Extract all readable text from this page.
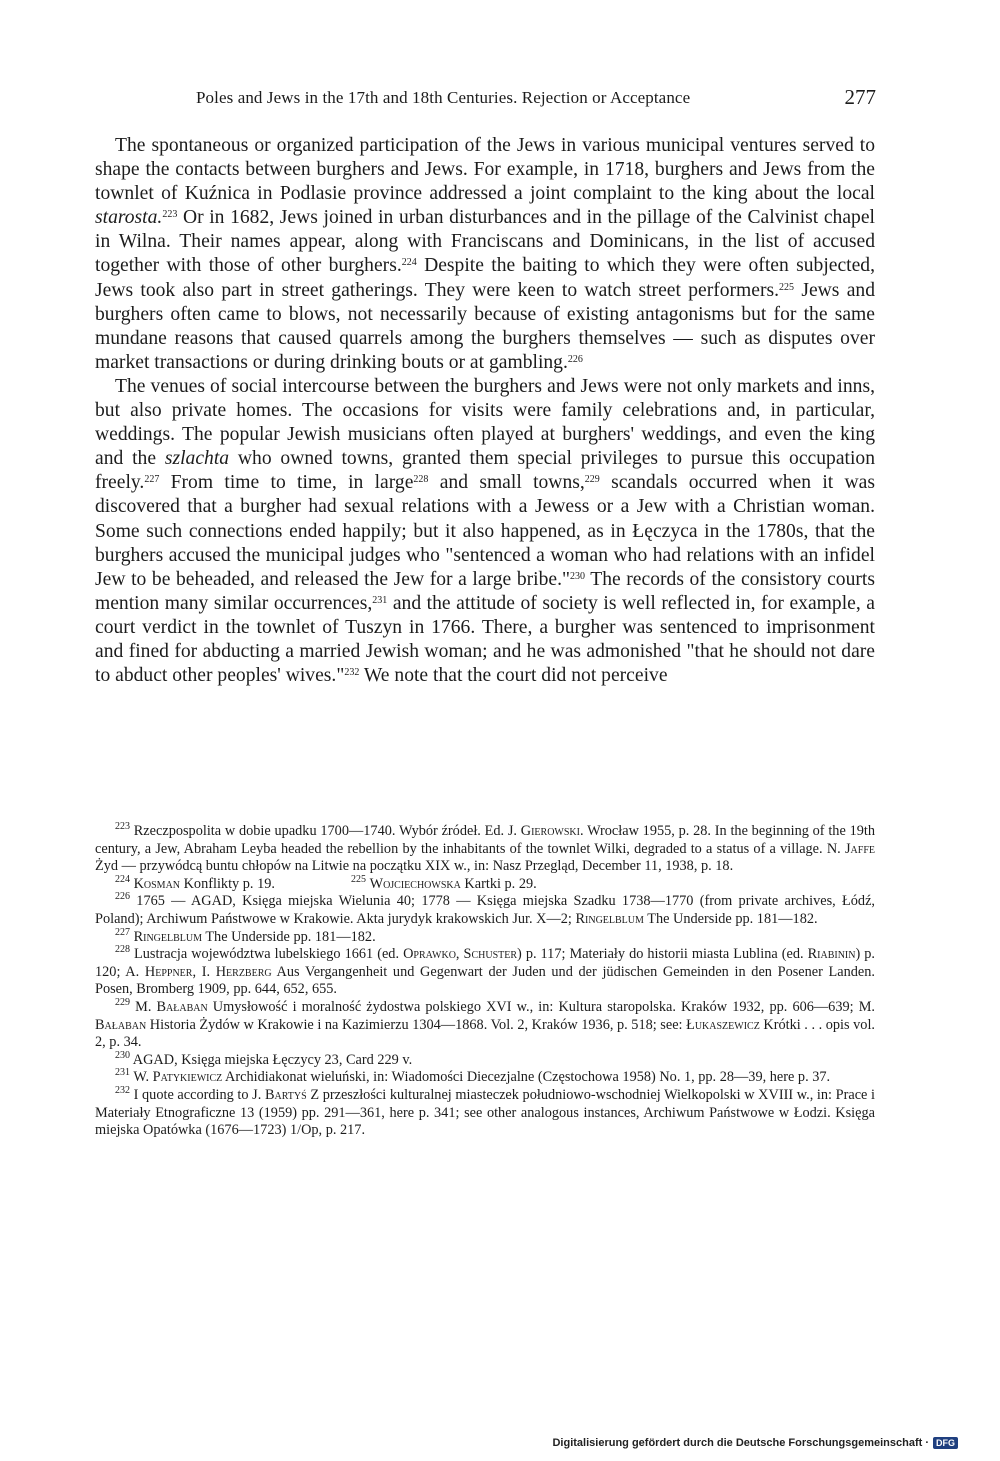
Poles and Jews in the 17th and 18th Centuries. Rejection or Acceptance	277

The spontaneous or organized participation of the Jews in various municipal ventures served to shape the contacts between burghers and Jews. For example, in 1718, burghers and Jews from the townlet of Kuźnica in Podlasie province addressed a joint complaint to the king about the local starosta.$^{223}$ Or in 1682, Jews joined in urban disturbances and in the pillage of the Calvinist chapel in Wilna. Their names appear, along with Franciscans and Dominicans, in the list of accused together with those of other burghers.$^{224}$ Despite the baiting to which they were often subjected, Jews took also part in street gatherings. They were keen to watch street performers.$^{225}$ Jews and burghers often came to blows, not necessarily because of existing antagonisms but for the same mundane reasons that caused quarrels among the burghers themselves — such as disputes over market transactions or during drinking bouts or at gambling.$^{226}$

The venues of social intercourse between the burghers and Jews were not only markets and inns, but also private homes. The occasions for visits were family celebrations and, in particular, weddings. The popular Jewish musicians often played at burghers' weddings, and even the king and the szlachta who owned towns, granted them special privileges to pursue this occupation freely.$^{227}$ From time to time, in large$^{228}$ and small towns,$^{229}$ scandals occurred when it was discovered that a burgher had sexual relations with a Jewess or a Jew with a Christian woman. Some such connections ended happily; but it also happened, as in Łęczyca in the 1780s, that the burghers accused the municipal judges who "sentenced a woman who had relations with an infidel Jew to be beheaded, and released the Jew for a large bribe."$^{230}$ The records of the consistory courts mention many similar occurrences,$^{231}$ and the attitude of society is well reflected in, for example, a court verdict in the townlet of Tuszyn in 1766. There, a burgher was sentenced to imprisonment and fined for abducting a married Jewish woman; and he was admonished "that he should not dare to abduct other peoples' wives."$^{232}$ We note that the court did not perceive

$^{223}$ Rzeczpospolita w dobie upadku 1700—1740. Wybór źródeł. Ed. J. Gierowski. Wrocław 1955, p. 28. In the beginning of the 19th century, a Jew, Abraham Leyba headed the rebellion by the inhabitants of the townlet Wilki, degraded to a status of a village. N. Jaffe Żyd — przywódcą buntu chłopów na Litwie na początku XIX w., in: Nasz Przegląd, December 11, 1938, p. 18.

$^{224}$ Kosman Konflikty p. 19.	$^{225}$ Wojciechowska Kartki p. 29.

$^{226}$ 1765 — AGAD, Księga miejska Wielunia 40; 1778 — Księga miejska Szadku 1738—1770 (from private archives, Łódź, Poland); Archiwum Państwowe w Krakowie. Akta jurydyk krakowskich Jur. X—2; Ringelblum The Underside pp. 181—182.

$^{227}$ Ringelblum The Underside pp. 181—182.

$^{228}$ Lustracja województwa lubelskiego 1661 (ed. Oprawko, Schuster) p. 117; Materiały do historii miasta Lublina (ed. Riabinin) p. 120; A. Heppner, I. Herzberg Aus Vergangenheit und Gegenwart der Juden und der jüdischen Gemeinden in den Posener Landen. Posen, Bromberg 1909, pp. 644, 652, 655.

$^{229}$ M. Bałaban Umysłowość i moralność żydostwa polskiego XVI w., in: Kultura staropolska. Kraków 1932, pp. 606—639; M. Bałaban Historia Żydów w Krakowie i na Kazimierzu 1304—1868. Vol. 2, Kraków 1936, p. 518; see: Łukaszewicz Krótki . . . opis vol. 2, p. 34.

$^{230}$ AGAD, Księga miejska Łęczycy 23, Card 229 v.

$^{231}$ W. Patykiewicz Archidiakonat wieluński, in: Wiadomości Diecezjalne (Częstochowa 1958) No. 1, pp. 28—39, here p. 37.

$^{232}$ I quote according to J. Bartyś Z przeszłości kulturalnej miasteczek południowo-wschodniej Wielkopolski w XVIII w., in: Prace i Materiały Etnograficzne 13 (1959) pp. 291—361, here p. 341; see other analogous instances, Archiwum Państwowe w Łodzi. Księga miejska Opatówka (1676—1723) 1/Op, p. 217.

Digitalisierung gefördert durch die Deutsche Forschungsgemeinschaft · DFG
